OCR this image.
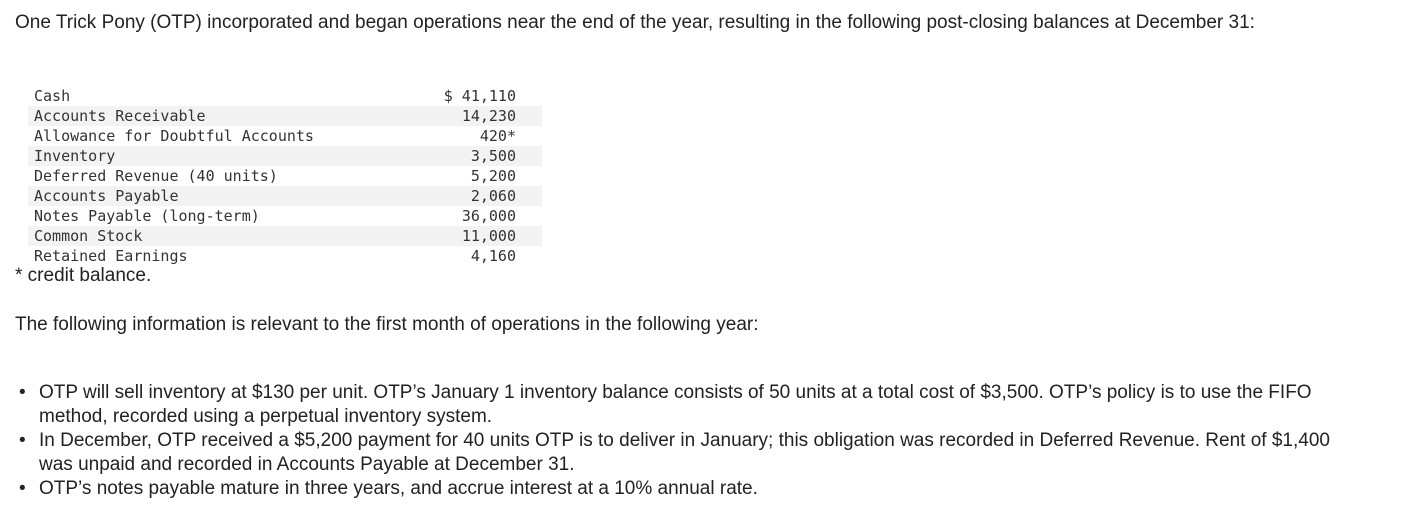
One Trick Pony (OTP) incorporated and began operations near the end of the year, resulting in the following post-closing balances at December 31:

Cash	$ 41,110
Accounts Receivable	14,230
Allowance for Doubtful Accounts	420*
Inventory	3,500
Deferred Revenue (40 units)	5,200
Accounts Payable	2,060
Notes Payable (long-term)	36,000
Common Stock	11,000
Retained Earnings	4,160

* credit balance.

The following information is relevant to the first month of operations in the following year:

• OTP will sell inventory at $130 per unit. OTP’s January 1 inventory balance consists of 50 units at a total cost of $3,500. OTP’s policy is to use the FIFO method, recorded using a perpetual inventory system.
• In December, OTP received a $5,200 payment for 40 units OTP is to deliver in January; this obligation was recorded in Deferred Revenue. Rent of $1,400 was unpaid and recorded in Accounts Payable at December 31.
• OTP’s notes payable mature in three years, and accrue interest at a 10% annual rate.
